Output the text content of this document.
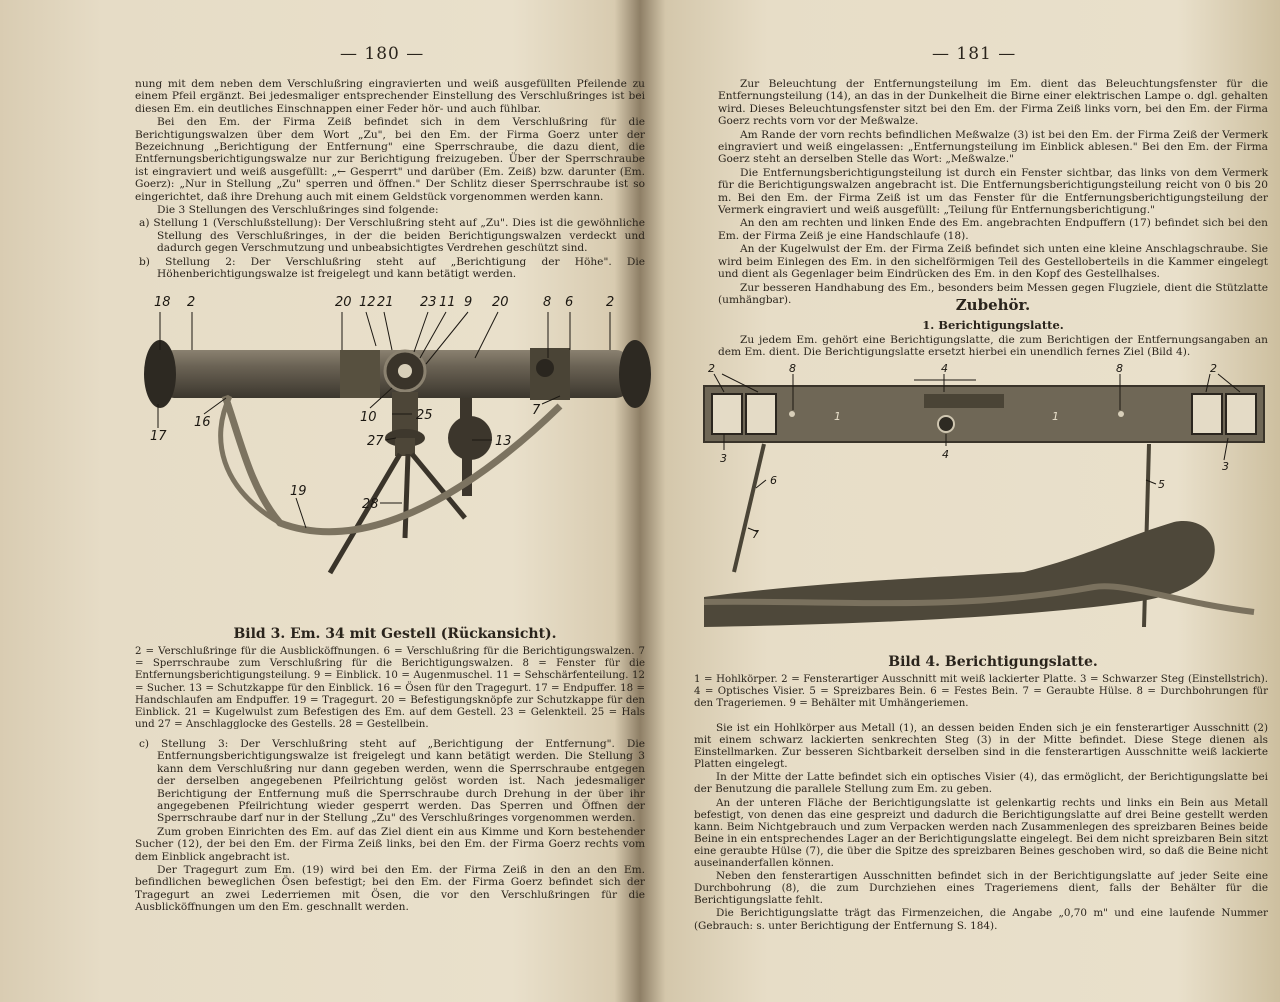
— 180 —

nung mit dem neben dem Verschlußring eingravierten und weiß ausgefüllten Pfeilende zu einem Pfeil ergänzt. Bei jedesmaliger entsprechender Einstellung des Verschlußringes ist bei diesen Em. ein deutliches Einschnappen einer Feder hör- und auch fühlbar.

Bei den Em. der Firma Zeiß befindet sich in dem Verschlußring für die Berichtigungswalzen über dem Wort „Zu", bei den Em. der Firma Goerz unter der Bezeichnung „Berichtigung der Entfernung" eine Sperrschraube, die dazu dient, die Entfernungsberichtigungswalze nur zur Berichtigung freizugeben. Über der Sperrschraube ist eingraviert und weiß ausgefüllt: „← Gesperrt" und darüber (Em. Zeiß) bzw. darunter (Em. Goerz): „Nur in Stellung „Zu" sperren und öffnen." Der Schlitz dieser Sperrschraube ist so eingerichtet, daß ihre Drehung auch mit einem Geldstück vorgenommen werden kann.

Die 3 Stellungen des Verschlußringes sind folgende:

a) Stellung 1 (Verschlußstellung): Der Verschlußring steht auf „Zu". Dies ist die gewöhnliche Stellung des Verschlußringes, in der die beiden Berichtigungswalzen verdeckt und dadurch gegen Verschmutzung und unbeabsichtigtes Verdrehen geschützt sind.

b) Stellung 2: Der Verschlußring steht auf „Berichtigung der Höhe". Die Höhenberichtigungswalze ist freigelegt und kann betätigt werden.

18 2	20 12 21 23 11 9 20	8 6	2
17
16	10	25	7
27	13
19
28
Bild 3. Em. 34 mit Gestell (Rückansicht).
2 = Verschlußringe für die Ausblicköffnungen. 6 = Verschlußring für die Berichtigungswalzen. 7 = Sperrschraube zum Verschlußring für die Berichtigungswalzen. 8 = Fenster für die Entfernungsberichtigungsteilung. 9 = Einblick. 10 = Augenmuschel. 11 = Sehschärfenteilung. 12 = Sucher. 13 = Schutzkappe für den Einblick. 16 = Ösen für den Tragegurt. 17 = Endpuffer. 18 = Handschlaufen am Endpuffer. 19 = Tragegurt. 20 = Befestigungsknöpfe zur Schutzkappe für den Einblick. 21 = Kugelwulst zum Befestigen des Em. auf dem Gestell. 23 = Gelenkteil. 25 = Hals und 27 = Anschlagglocke des Gestells. 28 = Gestellbein.

c) Stellung 3: Der Verschlußring steht auf „Berichtigung der Entfernung". Die Entfernungsberichtigungswalze ist freigelegt und kann betätigt werden. Die Stellung 3 kann dem Verschlußring nur dann gegeben werden, wenn die Sperrschraube entgegen der derselben angegebenen Pfeilrichtung gelöst worden ist. Nach jedesmaliger Berichtigung der Entfernung muß die Sperrschraube durch Drehung in der über ihr angegebenen Pfeilrichtung wieder gesperrt werden. Das Sperren und Öffnen der Sperrschraube darf nur in der Stellung „Zu" des Verschlußringes vorgenommen werden.

Zum groben Einrichten des Em. auf das Ziel dient ein aus Kimme und Korn bestehender Sucher (12), der bei den Em. der Firma Zeiß links, bei den Em. der Firma Goerz rechts vom dem Einblick angebracht ist.

Der Tragegurt zum Em. (19) wird bei den Em. der Firma Zeiß in den an den Em. befindlichen beweglichen Ösen befestigt; bei den Em. der Firma Goerz befindet sich der Tragegurt an zwei Lederriemen mit Ösen, die vor den Verschlußringen für die Ausblicköffnungen um den Em. geschnallt werden.

— 181 —

Zur Beleuchtung der Entfernungsteilung im Em. dient das Beleuchtungsfenster für die Entfernungsteilung (14), an das in der Dunkelheit die Birne einer elektrischen Lampe o. dgl. gehalten wird. Dieses Beleuchtungsfenster sitzt bei den Em. der Firma Zeiß links vorn, bei den Em. der Firma Goerz rechts vorn vor der Meßwalze.

Am Rande der vorn rechts befindlichen Meßwalze (3) ist bei den Em. der Firma Zeiß der Vermerk eingraviert und weiß eingelassen: „Entfernungsteilung im Einblick ablesen." Bei den Em. der Firma Goerz steht an derselben Stelle das Wort: „Meßwalze."

Die Entfernungsberichtigungsteilung ist durch ein Fenster sichtbar, das links von dem Vermerk für die Berichtigungswalzen angebracht ist. Die Entfernungsberichtigungsteilung reicht von 0 bis 20 m. Bei den Em. der Firma Zeiß ist um das Fenster für die Entfernungsberichtigungsteilung der Vermerk eingraviert und weiß ausgefüllt: „Teilung für Entfernungsberichtigung."

An den am rechten und linken Ende des Em. angebrachten Endpuffern (17) befindet sich bei den Em. der Firma Zeiß je eine Handschlaufe (18).

An der Kugelwulst der Em. der Firma Zeiß befindet sich unten eine kleine Anschlagschraube. Sie wird beim Einlegen des Em. in den sichelförmigen Teil des Gestelloberteils in die Kammer eingelegt und dient als Gegenlager beim Eindrücken des Em. in den Kopf des Gestellhalses.

Zur besseren Handhabung des Em., besonders beim Messen gegen Flugziele, dient die Stützlatte (umhängbar).	Zubehör.
1. Berichtigungslatte.

Zu jedem Em. gehört eine Berichtigungslatte, die zum Berichtigen der Entfernungsangaben an dem Em. dient. Die Berichtigungslatte ersetzt hierbei ein unendlich fernes Ziel (Bild 4).

2	8	4	8	2
1	1
4
3
3
6	5
7
9
Bild 4. Berichtigungslatte.
1 = Hohlkörper. 2 = Fensterartiger Ausschnitt mit weiß lackierter Platte. 3 = Schwarzer Steg (Einstellstrich). 4 = Optisches Visier. 5 = Spreizbares Bein. 6 = Festes Bein. 7 = Geraubte Hülse. 8 = Durchbohrungen für den Trageriemen. 9 = Behälter mit Umhängeriemen.

Sie ist ein Hohlkörper aus Metall (1), an dessen beiden Enden sich je ein fensterartiger Ausschnitt (2) mit einem schwarz lackierten senkrechten Steg (3) in der Mitte befindet. Diese Stege dienen als Einstellmarken. Zur besseren Sichtbarkeit derselben sind in die fensterartigen Ausschnitte weiß lackierte Platten eingelegt.

In der Mitte der Latte befindet sich ein optisches Visier (4), das ermöglicht, der Berichtigungslatte bei der Benutzung die parallele Stellung zum Em. zu geben.

An der unteren Fläche der Berichtigungslatte ist gelenkartig rechts und links ein Bein aus Metall befestigt, von denen das eine gespreizt und dadurch die Berichtigungslatte auf drei Beine gestellt werden kann. Beim Nichtgebrauch und zum Verpacken werden nach Zusammenlegen des spreizbaren Beines beide Beine in ein entsprechendes Lager an der Berichtigungslatte eingelegt. Bei dem nicht spreizbaren Bein sitzt eine geraubte Hülse (7), die über die Spitze des spreizbaren Beines geschoben wird, so daß die Beine nicht auseinanderfallen können.

Neben den fensterartigen Ausschnitten befindet sich in der Berichtigungslatte auf jeder Seite eine Durchbohrung (8), die zum Durchziehen eines Trageriemens dient, falls der Behälter für die Berichtigungslatte fehlt.

Die Berichtigungslatte trägt das Firmenzeichen, die Angabe „0,70 m" und eine laufende Nummer (Gebrauch: s. unter Berichtigung der Entfernung S. 184).
